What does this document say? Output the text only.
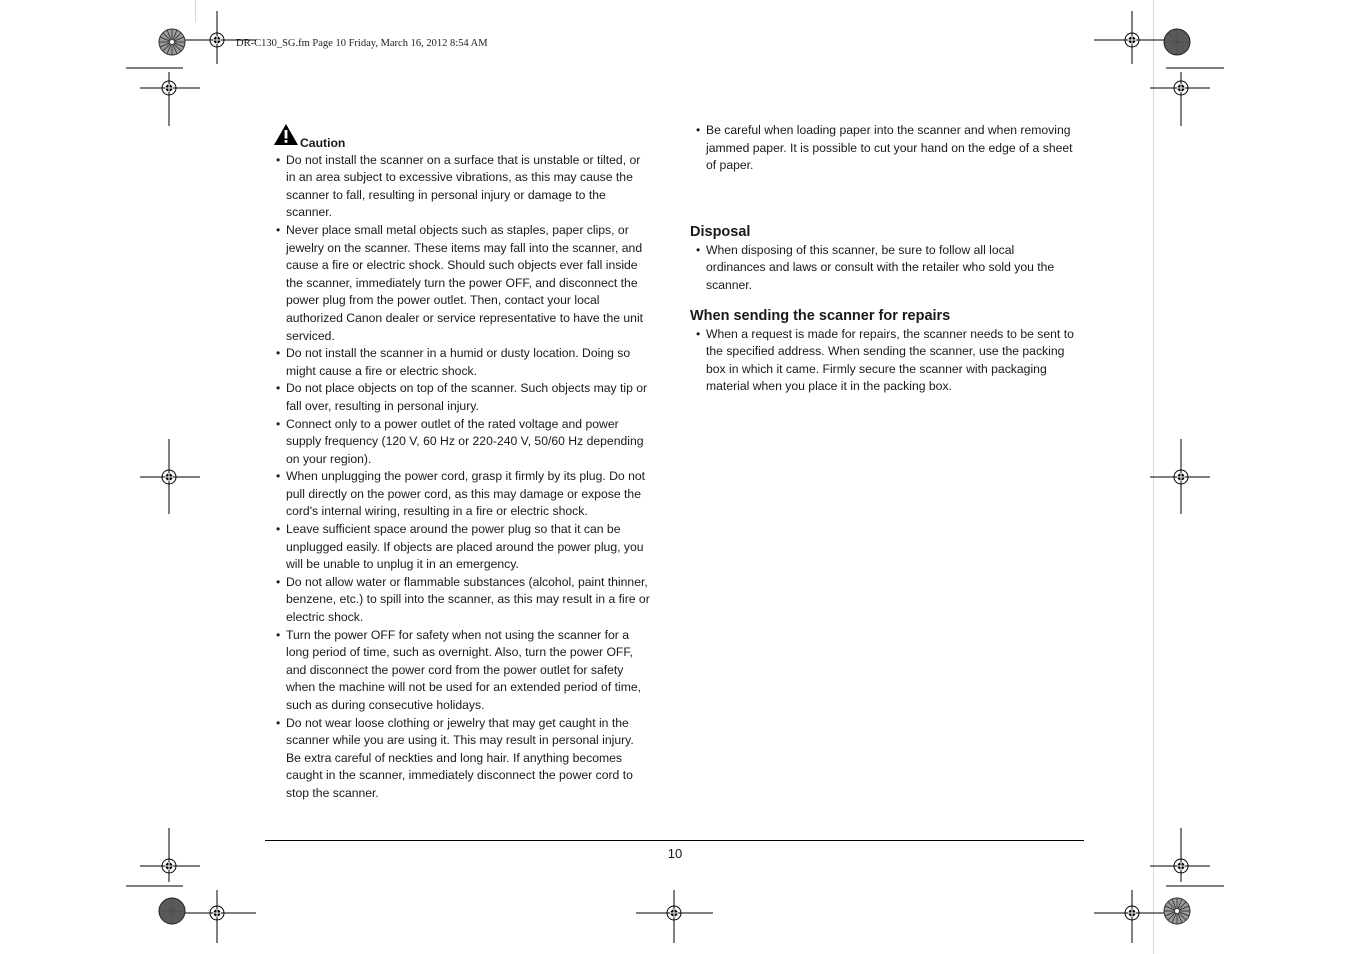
DR-C130_SG.fm Page 10 Friday, March 16, 2012 8:54 AM
Caution
• Do not install the scanner on a surface that is unstable or tilted, or in an area subject to excessive vibrations, as this may cause the scanner to fall, resulting in personal injury or damage to the scanner.
• Never place small metal objects such as staples, paper clips, or jewelry on the scanner. These items may fall into the scanner, and cause a fire or electric shock. Should such objects ever fall inside the scanner, immediately turn the power OFF, and disconnect the power plug from the power outlet. Then, contact your local authorized Canon dealer or service representative to have the unit serviced.
• Do not install the scanner in a humid or dusty location. Doing so might cause a fire or electric shock.
• Do not place objects on top of the scanner. Such objects may tip or fall over, resulting in personal injury.
• Connect only to a power outlet of the rated voltage and power supply frequency (120 V, 60 Hz or 220-240 V, 50/60 Hz depending on your region).
• When unplugging the power cord, grasp it firmly by its plug. Do not pull directly on the power cord, as this may damage or expose the cord's internal wiring, resulting in a fire or electric shock.
• Leave sufficient space around the power plug so that it can be unplugged easily. If objects are placed around the power plug, you will be unable to unplug it in an emergency.
• Do not allow water or flammable substances (alcohol, paint thinner, benzene, etc.) to spill into the scanner, as this may result in a fire or electric shock.
• Turn the power OFF for safety when not using the scanner for a long period of time, such as overnight. Also, turn the power OFF, and disconnect the power cord from the power outlet for safety when the machine will not be used for an extended period of time, such as during consecutive holidays.
• Do not wear loose clothing or jewelry that may get caught in the scanner while you are using it. This may result in personal injury. Be extra careful of neckties and long hair. If anything becomes caught in the scanner, immediately disconnect the power cord to stop the scanner.
• Be careful when loading paper into the scanner and when removing jammed paper. It is possible to cut your hand on the edge of a sheet of paper.
Disposal
• When disposing of this scanner, be sure to follow all local ordinances and laws or consult with the retailer who sold you the scanner.
When sending the scanner for repairs
• When a request is made for repairs, the scanner needs to be sent to the specified address. When sending the scanner, use the packing box in which it came. Firmly secure the scanner with packaging material when you place it in the packing box.
10
